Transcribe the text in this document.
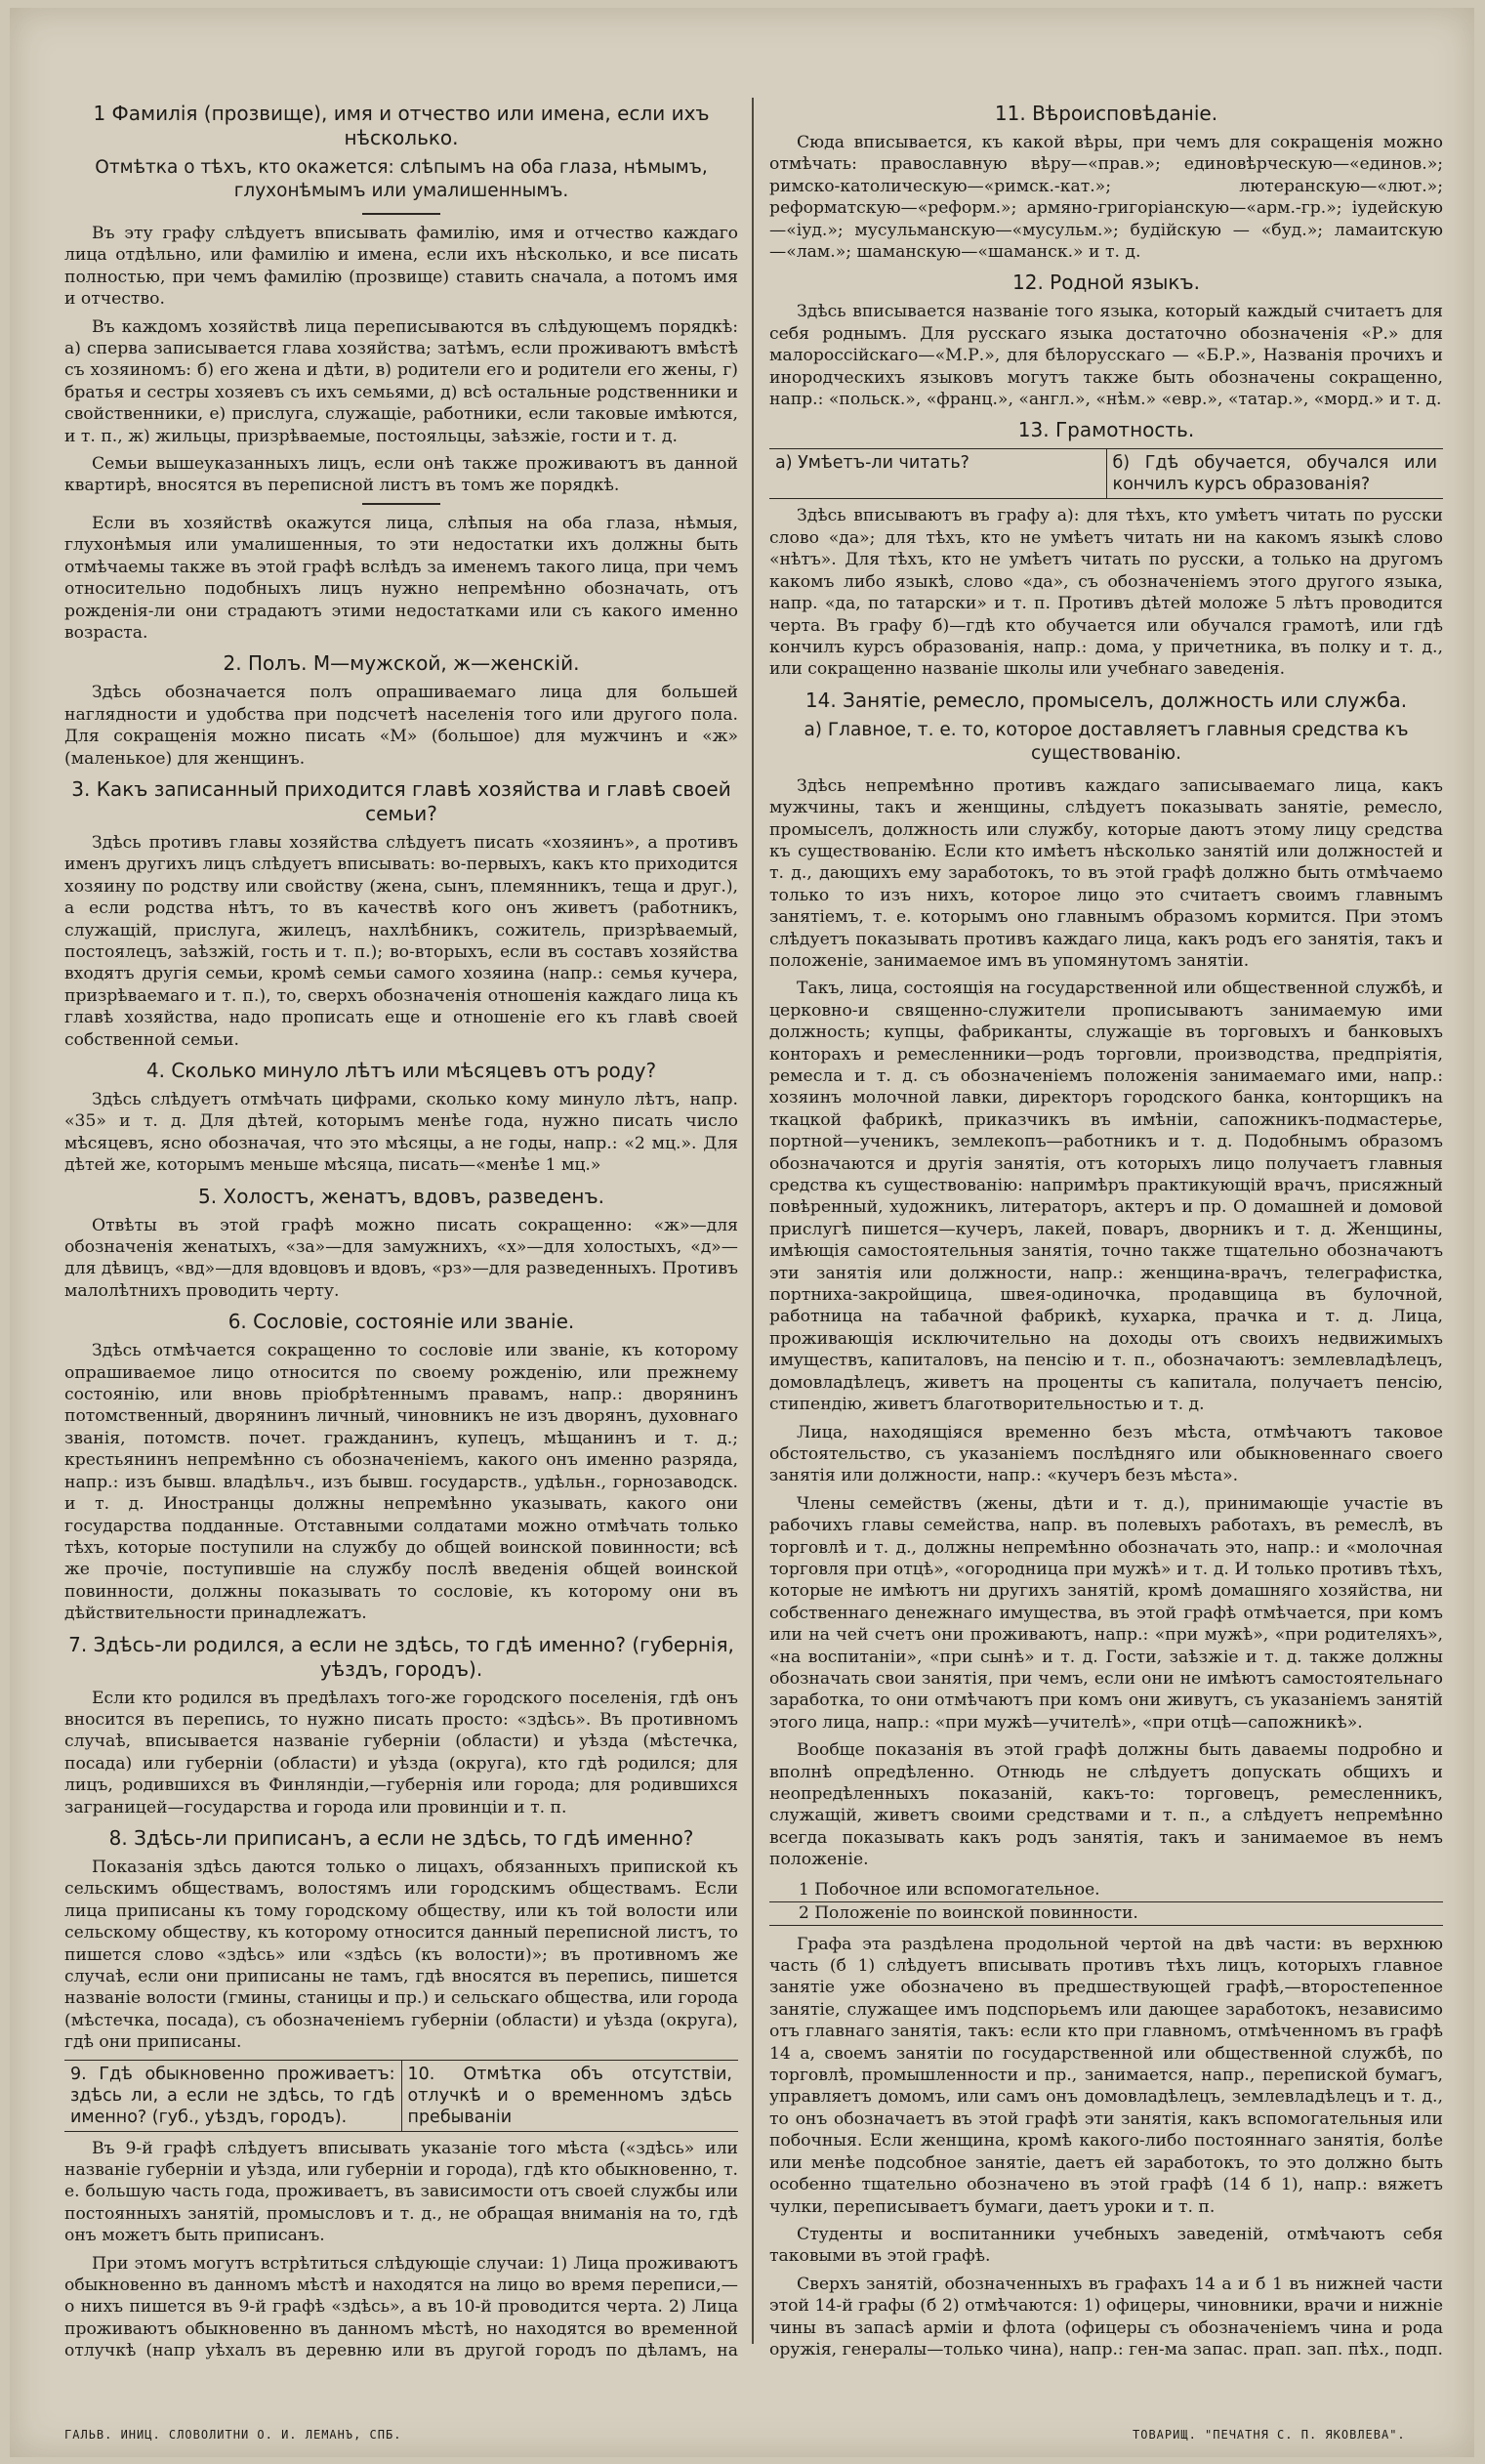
1 Фамилія (прозвище), имя и отчество или имена, если ихъ нѣсколько.
Отмѣтка о тѣхъ, кто окажется: слѣпымъ на оба глаза, нѣмымъ, глухонѣмымъ или умалишеннымъ.

Въ эту графу слѣдуетъ вписывать фамилію, имя и отчество каждаго лица отдѣльно, или фамилію и имена, если ихъ нѣсколько, и все писать полностью, при чемъ фамилію (прозвище) ставить сначала, а потомъ имя и отчество.

Въ каждомъ хозяйствѣ лица переписываются въ слѣдующемъ порядкѣ: а) сперва записывается глава хозяйства; затѣмъ, если проживаютъ вмѣстѣ съ хозяиномъ: б) его жена и дѣти, в) родители его и родители его жены, г) братья и сестры хозяевъ съ ихъ семьями, д) всѣ остальные родственники и свойственники, е) прислуга, служащіе, работники, если таковые имѣются, и т. п., ж) жильцы, призрѣваемые, постояльцы, заѣзжіе, гости и т. д.

Семьи вышеуказанныхъ лицъ, если онѣ также проживаютъ въ данной квартирѣ, вносятся въ переписной листъ въ томъ же порядкѣ.

Если въ хозяйствѣ окажутся лица, слѣпыя на оба глаза, нѣмыя, глухонѣмыя или умалишенныя, то эти недостатки ихъ должны быть отмѣчаемы также въ этой графѣ вслѣдъ за именемъ такого лица, при чемъ относительно подобныхъ лицъ нужно непремѣнно обозначать, отъ рожденія-ли они страдаютъ этими недостатками или съ какого именно возраста.

2. Полъ. М—мужской, ж—женскій.

Здѣсь обозначается полъ опрашиваемаго лица для большей наглядности и удобства при подсчетѣ населенія того или другого пола. Для сокращенія можно писать «М» (большое) для мужчинъ и «ж» (маленькое) для женщинъ.

3. Какъ записанный приходится главѣ хозяйства и главѣ своей семьи?

Здѣсь противъ главы хозяйства слѣдуетъ писать «хозяинъ», а противъ именъ другихъ лицъ слѣдуетъ вписывать: во-первыхъ, какъ кто приходится хозяину по родству или свойству (жена, сынъ, племянникъ, теща и друг.), а если родства нѣтъ, то въ качествѣ кого онъ живетъ (работникъ, служащій, прислуга, жилецъ, нахлѣбникъ, сожитель, призрѣваемый, постоялецъ, заѣзжій, гость и т. п.); во-вторыхъ, если въ составъ хозяйства входятъ другія семьи, кромѣ семьи самого хозяина (напр.: семья кучера, призрѣваемаго и т. п.), то, сверхъ обозначенія отношенія каждаго лица къ главѣ хозяйства, надо прописать еще и отношеніе его къ главѣ своей собственной семьи.

4. Сколько минуло лѣтъ или мѣсяцевъ отъ роду?

Здѣсь слѣдуетъ отмѣчать цифрами, сколько кому минуло лѣтъ, напр. «35» и т. д. Для дѣтей, которымъ менѣе года, нужно писать число мѣсяцевъ, ясно обозначая, что это мѣсяцы, а не годы, напр.: «2 мц.». Для дѣтей же, которымъ меньше мѣсяца, писать—«менѣе 1 мц.»

5. Холостъ, женатъ, вдовъ, разведенъ.

Отвѣты въ этой графѣ можно писать сокращенно: «ж»—для обозначенія женатыхъ, «за»—для замужнихъ, «х»—для холостыхъ, «д»—для дѣвицъ, «вд»—для вдовцовъ и вдовъ, «рз»—для разведенныхъ. Противъ малолѣтнихъ проводить черту.

6. Сословіе, состояніе или званіе.

Здѣсь отмѣчается сокращенно то сословіе или званіе, къ которому опрашиваемое лицо относится по своему рожденію, или прежнему состоянію, или вновь пріобрѣтеннымъ правамъ, напр.: дворянинъ потомственный, дворянинъ личный, чиновникъ не изъ дворянъ, духовнаго званія, потомств. почет. гражданинъ, купецъ, мѣщанинъ и т. д.; крестьянинъ непремѣнно съ обозначеніемъ, какого онъ именно разряда, напр.: изъ бывш. владѣльч., изъ бывш. государств., удѣльн., горнозаводск. и т. д. Иностранцы должны непремѣнно указывать, какого они государства подданные. Отставными солдатами можно отмѣчать только тѣхъ, которые поступили на службу до общей воинской повинности; всѣ же прочіе, поступившіе на службу послѣ введенія общей воинской повинности, должны показывать то сословіе, къ которому они въ дѣйствительности принадлежатъ.

7. Здѣсь-ли родился, а если не здѣсь, то гдѣ именно? (губернія, уѣздъ, городъ).

Если кто родился въ предѣлахъ того-же городского поселенія, гдѣ онъ вносится въ перепись, то нужно писать просто: «здѣсь». Въ противномъ случаѣ, вписывается названіе губерніи (области) и уѣзда (мѣстечка, посада) или губерніи (области) и уѣзда (округа), кто гдѣ родился; для лицъ, родившихся въ Финляндіи,—губернія или города; для родившихся заграницей—государства и города или провинціи и т. п.

8. Здѣсь-ли приписанъ, а если не здѣсь, то гдѣ именно?

Показанія здѣсь даются только о лицахъ, обязанныхъ припиской къ сельскимъ обществамъ, волостямъ или городскимъ обществамъ. Если лица приписаны къ тому городскому обществу, или къ той волости или сельскому обществу, къ которому относится данный переписной листъ, то пишется слово «здѣсь» или «здѣсь (къ волости)»; въ противномъ же случаѣ, если они приписаны не тамъ, гдѣ вносятся въ перепись, пишется названіе волости (гмины, станицы и пр.) и сельскаго общества, или города (мѣстечка, посада), съ обозначеніемъ губерніи (области) и уѣзда (округа), гдѣ они приписаны.

9. Гдѣ обыкновенно проживаетъ: здѣсь ли, а если не здѣсь, то гдѣ именно? (губ., уѣздъ, городъ).
10. Отмѣтка объ отсутствіи, отлучкѣ и о временномъ здѣсь пребываніи

Въ 9-й графѣ слѣдуетъ вписывать указаніе того мѣста («здѣсь» или названіе губерніи и уѣзда, или губерніи и города), гдѣ кто обыкновенно, т. е. большую часть года, проживаетъ, въ зависимости отъ своей службы или постоянныхъ занятій, промысловъ и т. д., не обращая вниманія на то, гдѣ онъ можетъ быть приписанъ.

При этомъ могутъ встрѣтиться слѣдующіе случаи: 1) Лица проживаютъ обыкновенно въ данномъ мѣстѣ и находятся на лицо во время переписи,—о нихъ пишется въ 9-й графѣ «здѣсь», а въ 10-й проводится черта. 2) Лица проживаютъ обыкновенно въ данномъ мѣстѣ, но находятся во временной отлучкѣ (напр уѣхалъ въ деревню или въ другой городъ по дѣламъ, на

11. Вѣроисповѣданіе.

Сюда вписывается, къ какой вѣры, при чемъ для сокращенія можно отмѣчать: православную вѣру—«прав.»; единовѣрческую—«единов.»; римско-католическую—«римск.-кат.»; лютеранскую—«лют.»; реформатскую—«реформ.»; армяно-григоріанскую—«арм.-гр.»; іудейскую—«іуд.»; мусульманскую—«мусульм.»; будійскую — «буд.»; ламаитскую—«лам.»; шаманскую—«шаманск.» и т. д.

12. Родной языкъ.

Здѣсь вписывается названіе того языка, который каждый считаетъ для себя роднымъ. Для русскаго языка достаточно обозначенія «Р.» для малороссійскаго—«М.Р.», для бѣлорусскаго — «Б.Р.», Названія прочихъ и инородческихъ языковъ могутъ также быть обозначены сокращенно, напр.: «польск.», «франц.», «англ.», «нѣм.» «евр.», «татар.», «морд.» и т. д.

13. Грамотность.
а) Умѣетъ-ли читать?	б) Гдѣ обучается, обучался или кончилъ курсъ образованія?

Здѣсь вписываютъ въ графу а): для тѣхъ, кто умѣетъ читать по русски слово «да»; для тѣхъ, кто не умѣетъ читать ни на какомъ языкѣ слово «нѣтъ». Для тѣхъ, кто не умѣетъ читать по русски, а только на другомъ какомъ либо языкѣ, слово «да», съ обозначеніемъ этого другого языка, напр. «да, по татарски» и т. п. Противъ дѣтей моложе 5 лѣтъ проводится черта. Въ графу б)—гдѣ кто обучается или обучался грамотѣ, или гдѣ кончилъ курсъ образованія, напр.: дома, у причетника, въ полку и т. д., или сокращенно названіе школы или учебнаго заведенія.

14. Занятіе, ремесло, промыселъ, должность или служба.
а) Главное, т. е. то, которое доставляетъ главныя средства къ существованію.

Здѣсь непремѣнно противъ каждаго записываемаго лица, какъ мужчины, такъ и женщины, слѣдуетъ показывать занятіе, ремесло, промыселъ, должность или службу, которые даютъ этому лицу средства къ существованію. Если кто имѣетъ нѣсколько занятій или должностей и т. д., дающихъ ему заработокъ, то въ этой графѣ должно быть отмѣчаемо только то изъ нихъ, которое лицо это считаетъ своимъ главнымъ занятіемъ, т. е. которымъ оно главнымъ образомъ кормится. При этомъ слѣдуетъ показывать противъ каждаго лица, какъ родъ его занятія, такъ и положеніе, занимаемое имъ въ упомянутомъ занятіи.

Такъ, лица, состоящія на государственной или общественной службѣ, и церковно-и священно-служители прописываютъ занимаемую ими должность; купцы, фабриканты, служащіе въ торговыхъ и банковыхъ конторахъ и ремесленники—родъ торговли, производства, предпріятія, ремесла и т. д. съ обозначеніемъ положенія занимаемаго ими, напр.: хозяинъ молочной лавки, директоръ городского банка, конторщикъ на ткацкой фабрикѣ, приказчикъ въ имѣніи, сапожникъ-подмастерье, портной—ученикъ, землекопъ—работникъ и т. д. Подобнымъ образомъ обозначаются и другія занятія, отъ которыхъ лицо получаетъ главныя средства къ существованію: напримѣръ практикующій врачъ, присяжный повѣренный, художникъ, литераторъ, актеръ и пр. О домашней и домовой прислугѣ пишется—кучеръ, лакей, поваръ, дворникъ и т. д. Женщины, имѣющія самостоятельныя занятія, точно также тщательно обозначаютъ эти занятія или должности, напр.: женщина-врачъ, телеграфистка, портниха-закройщица, швея-одиночка, продавщица въ булочной, работница на табачной фабрикѣ, кухарка, прачка и т. д. Лица, проживающія исключительно на доходы отъ своихъ недвижимыхъ имуществъ, капиталовъ, на пенсію и т. п., обозначаютъ: землевладѣлецъ, домовладѣлецъ, живетъ на проценты съ капитала, получаетъ пенсію, стипендію, живетъ благотворительностью и т. д.

Лица, находящіяся временно безъ мѣста, отмѣчаютъ таковое обстоятельство, съ указаніемъ послѣдняго или обыкновеннаго своего занятія или должности, напр.: «кучеръ безъ мѣста».

Члены семействъ (жены, дѣти и т. д.), принимающіе участіе въ рабочихъ главы семейства, напр. въ полевыхъ работахъ, въ ремеслѣ, въ торговлѣ и т. д., должны непремѣнно обозначать это, напр.: и «молочная торговля при отцѣ», «огородница при мужѣ» и т. д. И только противъ тѣхъ, которые не имѣютъ ни другихъ занятій, кромѣ домашняго хозяйства, ни собственнаго денежнаго имущества, въ этой графѣ отмѣчается, при комъ или на чей счетъ они проживаютъ, напр.: «при мужѣ», «при родителяхъ», «на воспитаніи», «при сынѣ» и т. д. Гости, заѣзжіе и т. д. также должны обозначать свои занятія, при чемъ, если они не имѣютъ самостоятельнаго заработка, то они отмѣчаютъ при комъ они живутъ, съ указаніемъ занятій этого лица, напр.: «при мужѣ—учителѣ», «при отцѣ—сапожникѣ».

Вообще показанія въ этой графѣ должны быть даваемы подробно и вполнѣ опредѣленно. Отнюдь не слѣдуетъ допускать общихъ и неопредѣленныхъ показаній, какъ-то: торговецъ, ремесленникъ, служащій, живетъ своими средствами и т. п., а слѣдуетъ непремѣнно всегда показывать какъ родъ занятія, такъ и занимаемое въ немъ положеніе.

1 Побочное или вспомогательное.
2 Положеніе по воинской повинности.

Графа эта раздѣлена продольной чертой на двѣ части: въ верхнюю часть (б 1) слѣдуетъ вписывать противъ тѣхъ лицъ, которыхъ главное занятіе уже обозначено въ предшествующей графѣ,—второстепенное занятіе, служащее имъ подспорьемъ или дающее заработокъ, независимо отъ главнаго занятія, такъ: если кто при главномъ, отмѣченномъ въ графѣ 14 а, своемъ занятіи по государственной или общественной службѣ, по торговлѣ, промышленности и пр., занимается, напр., перепиской бумагъ, управляетъ домомъ, или самъ онъ домовладѣлецъ, землевладѣлецъ и т. д., то онъ обозначаетъ въ этой графѣ эти занятія, какъ вспомогательныя или побочныя. Если женщина, кромѣ какого-либо постояннаго занятія, болѣе или менѣе подсобное занятіе, даетъ ей заработокъ, то это должно быть особенно тщательно обозначено въ этой графѣ (14 б 1), напр.: вяжетъ чулки, переписываетъ бумаги, даетъ уроки и т. п.

Студенты и воспитанники учебныхъ заведеній, отмѣчаютъ себя таковыми въ этой графѣ.

Сверхъ занятій, обозначенныхъ въ графахъ 14 а и б 1 въ нижней части этой 14-й графы (б 2) отмѣчаются: 1) офицеры, чиновники, врачи и нижніе чины въ запасѣ арміи и флота (офицеры съ обозначеніемъ чина и рода оружія, генералы—только чина), напр.: ген-ма запас. прап. зап. пѣх., подп.

ГАЛЬВ. ИНИЦ. СЛОВОЛИТНИ О. И. ЛЕМАНЪ, СПБ.	ТОВАРИЩ. "ПЕЧАТНЯ С. П. ЯКОВЛЕВА".
